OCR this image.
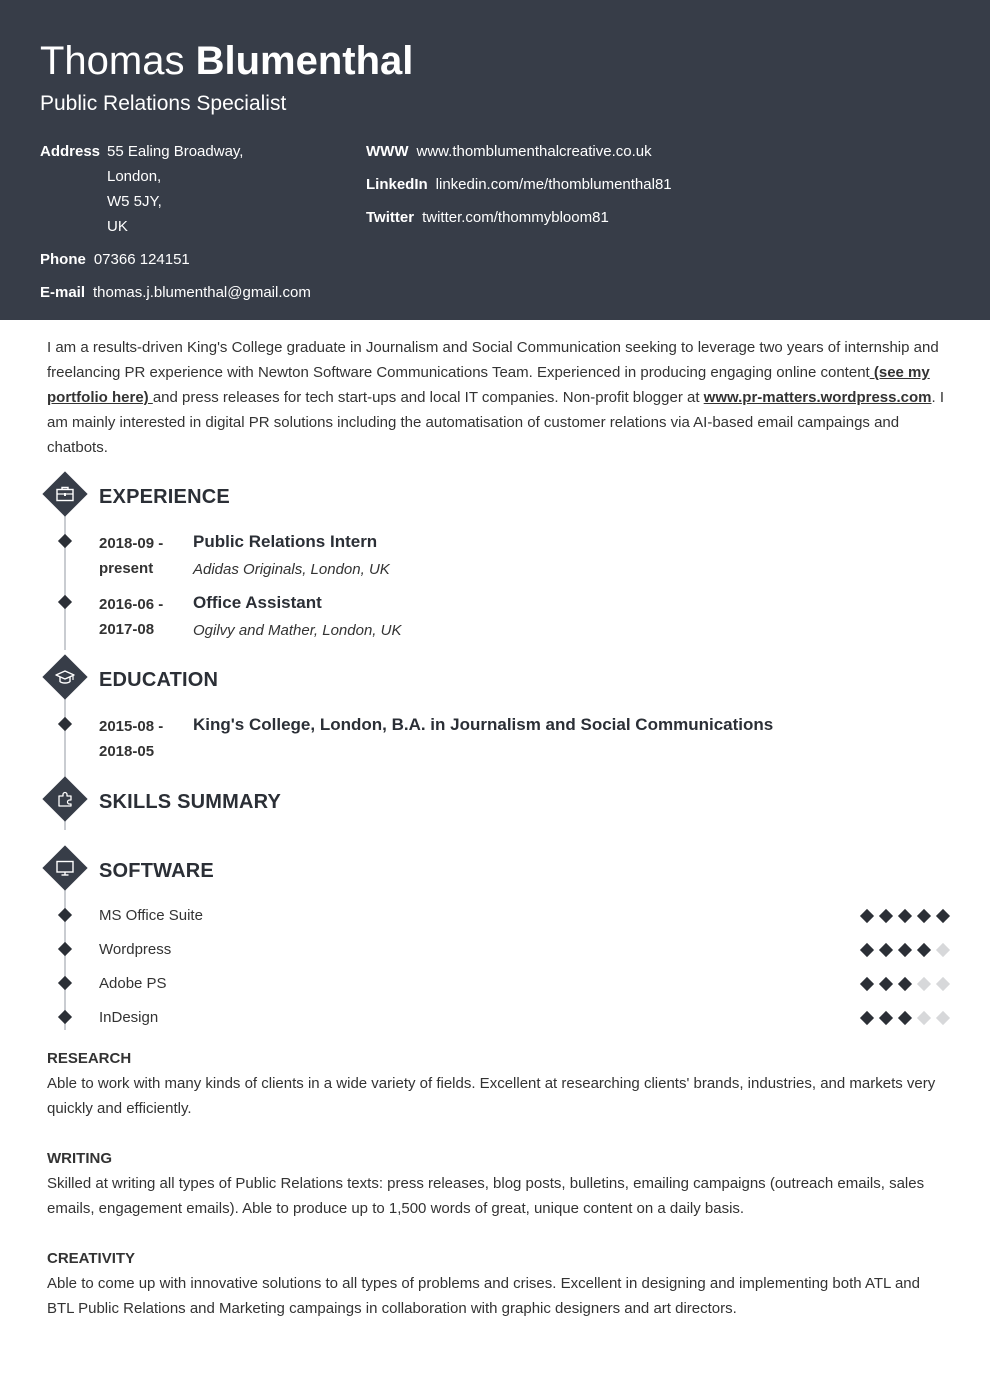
Thomas Blumenthal
Public Relations Specialist
Address 55 Ealing Broadway,
London,
W5 5JY,
UK
Phone 07366 124151
E-mail thomas.j.blumenthal@gmail.com
WWW www.thomblumenthalcreative.co.uk
LinkedIn linkedin.com/me/thomblumenthal81
Twitter twitter.com/thommybloom81
I am a results-driven King's College graduate in Journalism and Social Communication seeking to leverage two years of internship and freelancing PR experience with Newton Software Communications Team. Experienced in producing engaging online content (see my portfolio here) and press releases for tech start-ups and local IT companies. Non-profit blogger at www.pr-matters.wordpress.com. I am mainly interested in digital PR solutions including the automatisation of customer relations via AI-based email campaings and chatbots.
EXPERIENCE
2018-09 -
present
Public Relations Intern
Adidas Originals, London, UK
2016-06 -
2017-08
Office Assistant
Ogilvy and Mather, London, UK
EDUCATION
2015-08 -
2018-05
King's College, London, B.A. in Journalism and Social Communications
SKILLS SUMMARY
SOFTWARE
MS Office Suite
Wordpress
Adobe PS
InDesign
RESEARCH
Able to work with many kinds of clients in a wide variety of fields. Excellent at researching clients' brands, industries, and markets very quickly and efficiently.
WRITING
Skilled at writing all types of Public Relations texts: press releases, blog posts, bulletins, emailing campaigns (outreach emails, sales emails, engagement emails). Able to produce up to 1,500 words of great, unique content on a daily basis.
CREATIVITY
Able to come up with innovative solutions to all types of problems and crises. Excellent in designing and implementing both ATL and BTL Public Relations and Marketing campaings in collaboration with graphic designers and art directors.
